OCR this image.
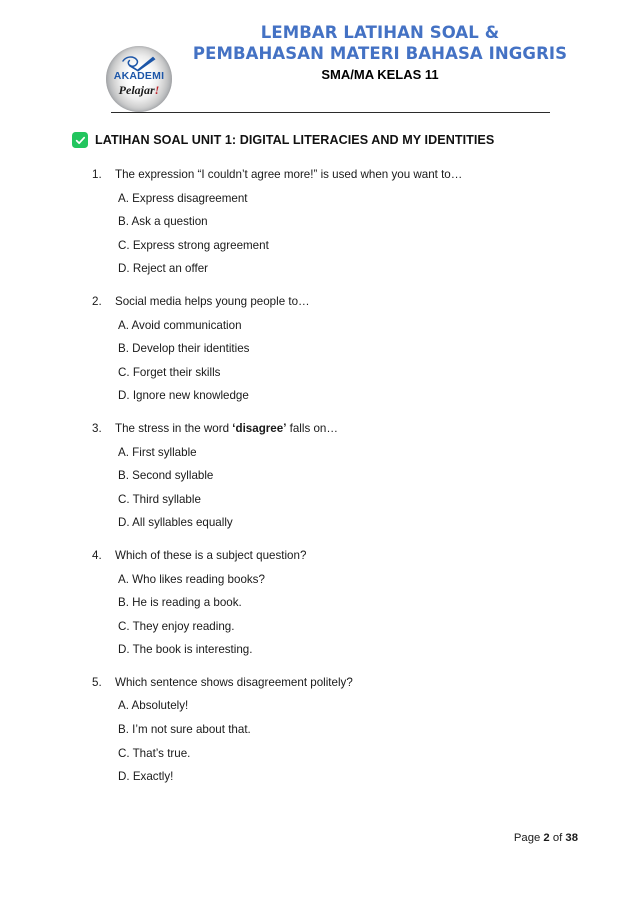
AKADEMI
Pelajar!
LEMBAR LATIHAN SOAL &
PEMBAHASAN MATERI BAHASA INGGRIS
SMA/MA KELAS 11
LATIHAN SOAL UNIT 1: DIGITAL LITERACIES AND MY IDENTITIES
1.	The expression “I couldn’t agree more!” is used when you want to…
A. Express disagreement
B. Ask a question
C. Express strong agreement
D. Reject an offer
2.	Social media helps young people to…
A. Avoid communication
B. Develop their identities
C. Forget their skills
D. Ignore new knowledge
3.	The stress in the word ‘disagree’ falls on…
A. First syllable
B. Second syllable
C. Third syllable
D. All syllables equally
4.	Which of these is a subject question?
A. Who likes reading books?
B. He is reading a book.
C. They enjoy reading.
D. The book is interesting.
5.	Which sentence shows disagreement politely?
A. Absolutely!
B. I’m not sure about that.
C. That’s true.
D. Exactly!
Page 2 of 38
